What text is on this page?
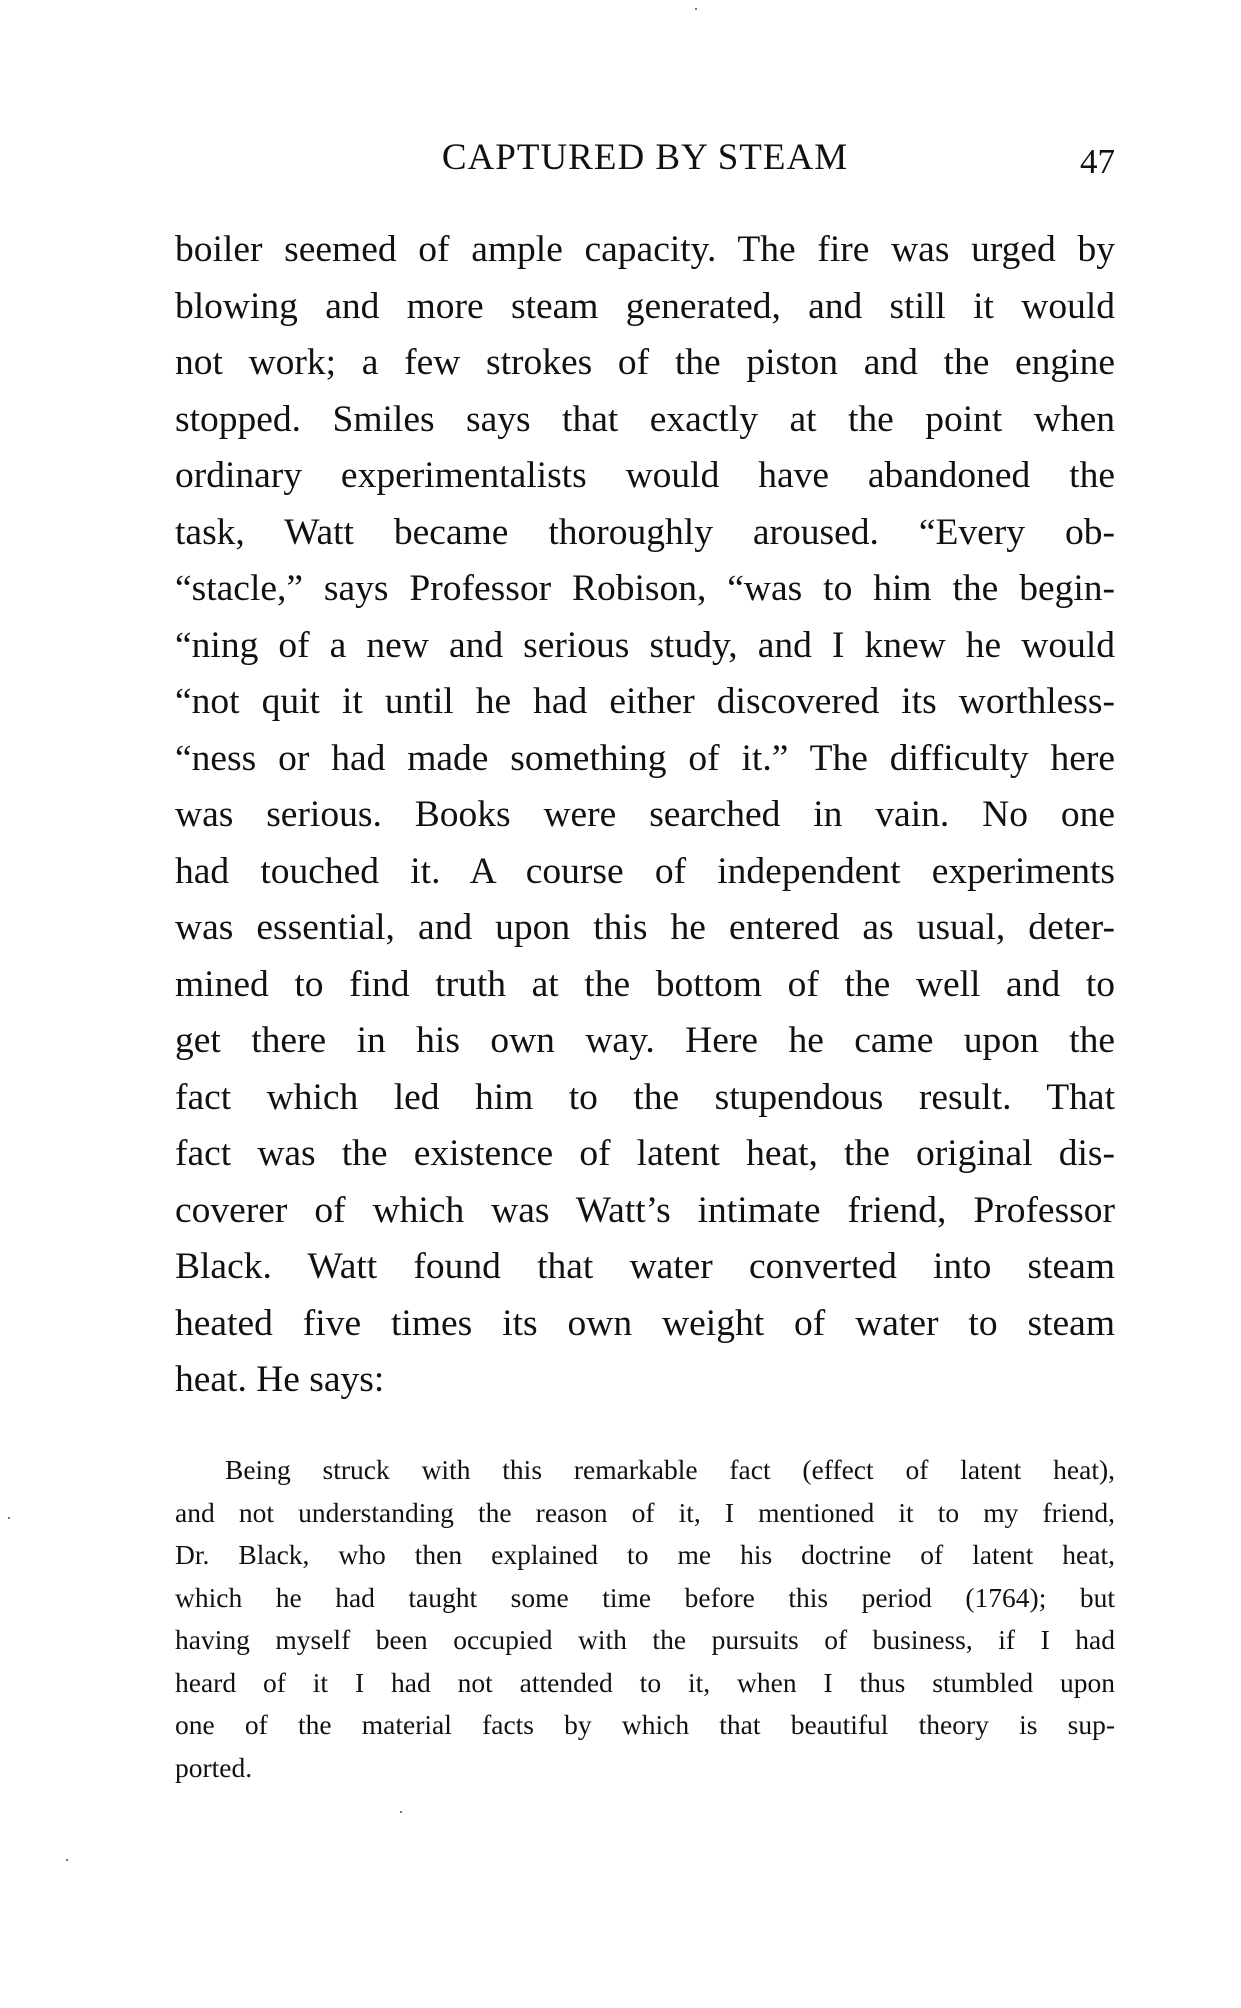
CAPTURED BY STEAM	47
boiler seemed of ample capacity. The fire was urged by
blowing and more steam generated, and still it would
not work; a few strokes of the piston and the engine
stopped. Smiles says that exactly at the point when
ordinary experimentalists would have abandoned the
task, Watt became thoroughly aroused. “Every ob-
“stacle,” says Professor Robison, “was to him the begin-
“ning of a new and serious study, and I knew he would
“not quit it until he had either discovered its worthless-
“ness or had made something of it.” The difficulty here
was serious. Books were searched in vain. No one
had touched it. A course of independent experiments
was essential, and upon this he entered as usual, deter-
mined to find truth at the bottom of the well and to
get there in his own way. Here he came upon the
fact which led him to the stupendous result. That
fact was the existence of latent heat, the original dis-
coverer of which was Watt’s intimate friend, Professor
Black. Watt found that water converted into steam
heated five times its own weight of water to steam
heat. He says:
Being struck with this remarkable fact (effect of latent heat),
and not understanding the reason of it, I mentioned it to my friend,
Dr. Black, who then explained to me his doctrine of latent heat,
which he had taught some time before this period (1764); but
having myself been occupied with the pursuits of business, if I had
heard of it I had not attended to it, when I thus stumbled upon
one of the material facts by which that beautiful theory is sup-
ported.
